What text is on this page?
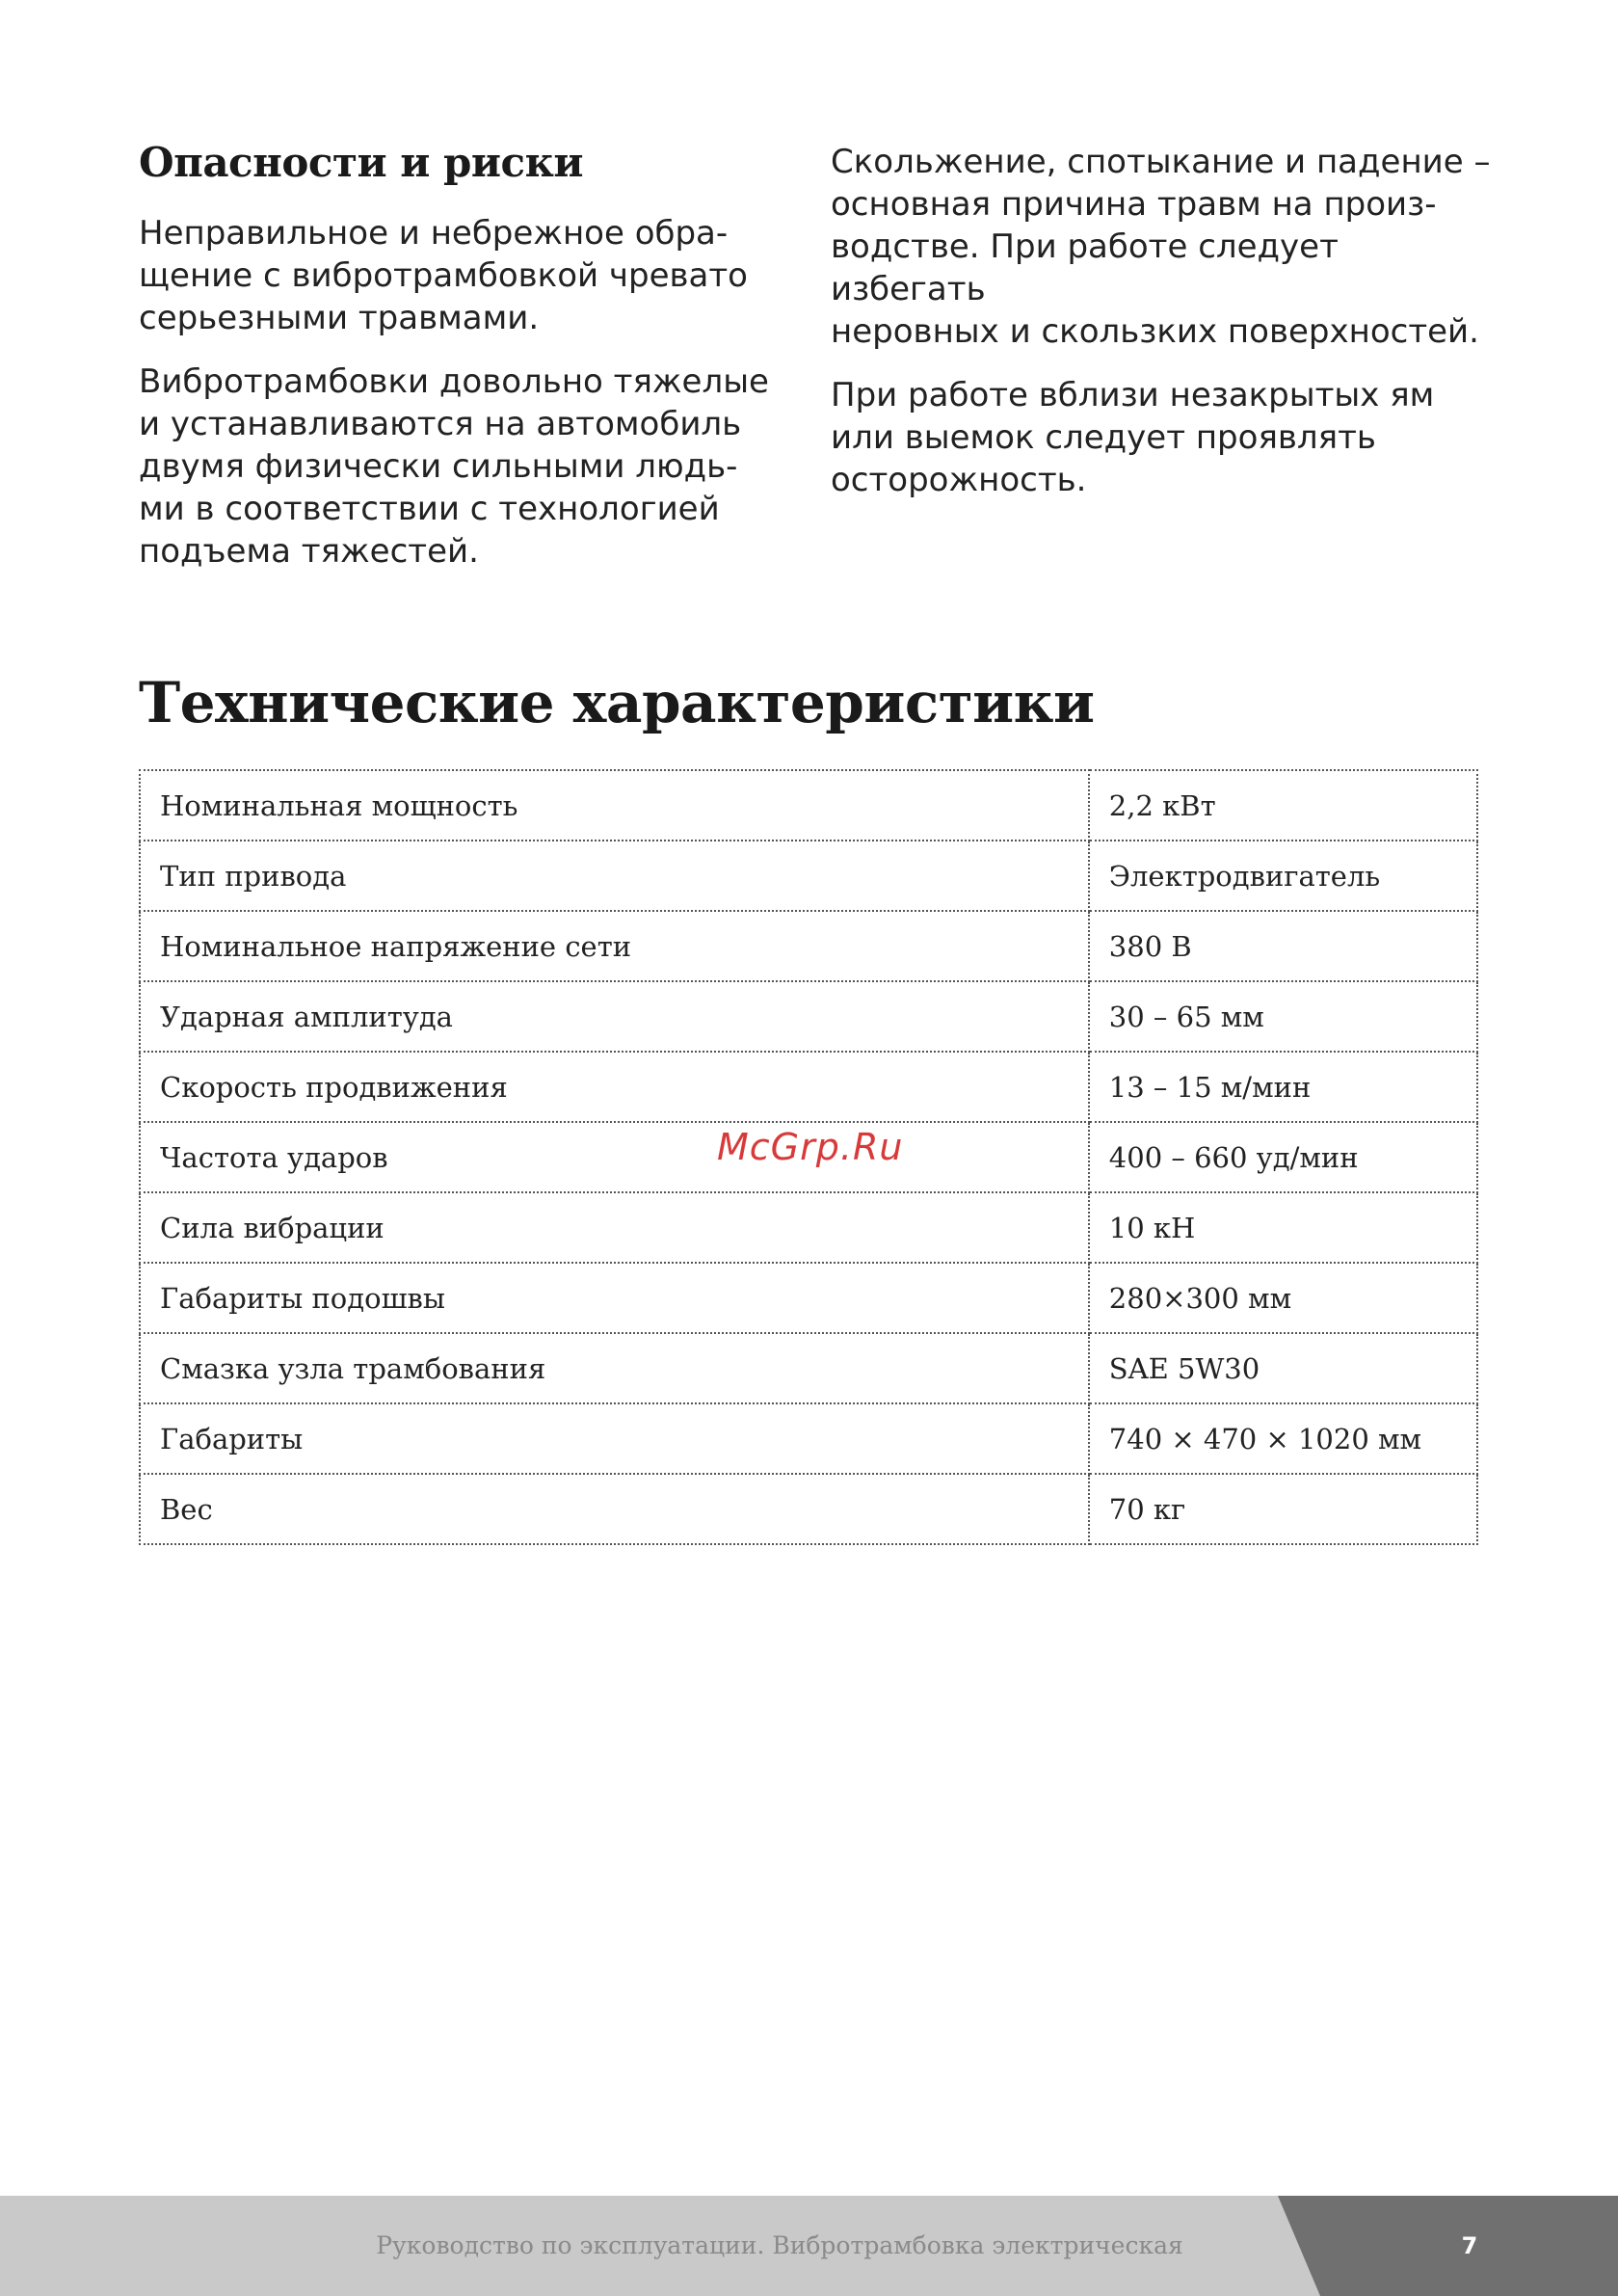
Опасности и риски

Неправильное и небрежное обра-
щение с вибротрамбовкой чревато
серьезными травмами.

Вибротрамбовки довольно тяжелые
и устанавливаются на автомобиль
двумя физически сильными людь-
ми в соответствии с технологией
подъема тяжестей.

Скольжение, спотыкание и падение –
основная причина травм на произ-
водстве. При работе следует избегать
неровных и скользких поверхностей.

При работе вблизи незакрытых ям
или выемок следует проявлять
осторожность.

Технические характеристики
Номинальная мощность	2,2 кВт
Тип привода	Электродвигатель
Номинальное напряжение сети	380 В
Ударная амплитуда	30 – 65 мм
Скорость продвижения	13 – 15 м/мин
Частота ударов	400 – 660 уд/мин
Сила вибрации	10 кН
Габариты подошвы	280×300 мм
Смазка узла трамбования	SAE 5W30
Габариты	740 × 470 × 1020 мм
Вес	70 кг
McGrp.Ru
Руководство по эксплуатации. Вибротрамбовка электрическая	7
